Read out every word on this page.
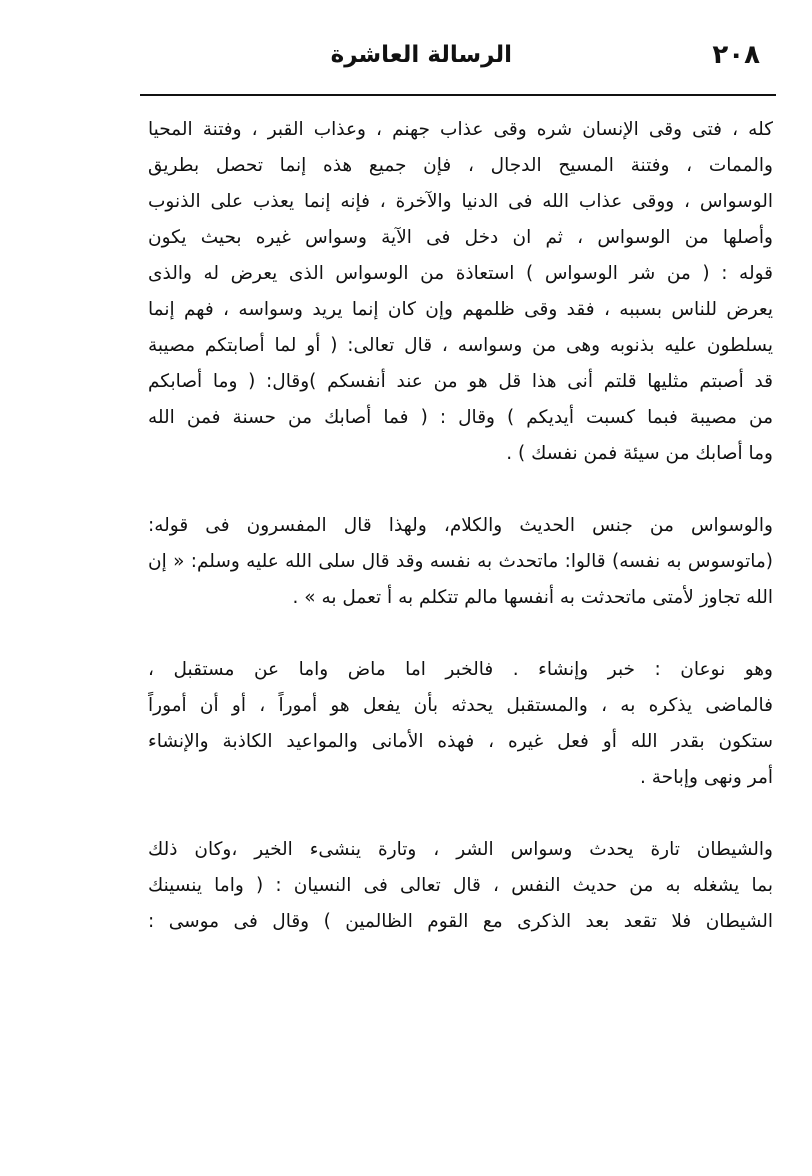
٢٠٨
الرسالة العاشرة
كله ، فتى وقى الإنسان شره وقى عذاب جهنم ، وعذاب القبر ، وفتنة المحيا
والممات ، وفتنة المسيح الدجال ، فإن جميع هذه إنما تحصل بطريق
الوسواس ، ووقى عذاب الله فى الدنيا والآخرة ، فإنه إنما يعذب على الذنوب
وأصلها من الوسواس ، ثم ان دخل فى الآية وسواس غيره بحيث يكون
قوله : ( من شر الوسواس ) استعاذة من الوسواس الذى يعرض له والذى
يعرض للناس بسببه ، فقد وقى ظلمهم وإن كان إنما يريد وسواسه ، فهم إنما
يسلطون عليه بذنوبه وهى من وسواسه ، قال تعالى: ( أو لما أصابتكم مصيبة
قد أصبتم مثليها قلتم أنى هذا قل هو من عند أنفسكم )وقال: ( وما أصابكم
من مصيبة فبما كسبت أيديكم ) وقال : ( فما أصابك من حسنة فمن الله
وما أصابك من سيئة فمن نفسك ) .
والوسواس من جنس الحديث والكلام، ولهذا قال المفسرون فى قوله:
(ماتوسوس به نفسه) قالوا: ماتحدث به نفسه وقد قال سلى الله عليه وسلم: « إن
الله تجاوز لأمتى ماتحدثت به أنفسها مالم تتكلم به أ تعمل به » .
وهو نوعان : خبر وإنشاء . فالخبر اما ماض واما عن مستقبل ،
فالماضى يذكره به ، والمستقبل يحدثه بأن يفعل هو أموراً ، أو أن أموراً
ستكون بقدر الله أو فعل غيره ، فهذه الأمانى والمواعيد الكاذبة والإنشاء
أمر ونهى وإباحة .
والشيطان تارة يحدث وسواس الشر ، وتارة ينشىء الخير ،وكان ذلك
بما يشغله به من حديث النفس ، قال تعالى فى النسيان : ( واما ينسينك
الشيطان فلا تقعد بعد الذكرى مع القوم الظالمين ) وقال فى موسى :
